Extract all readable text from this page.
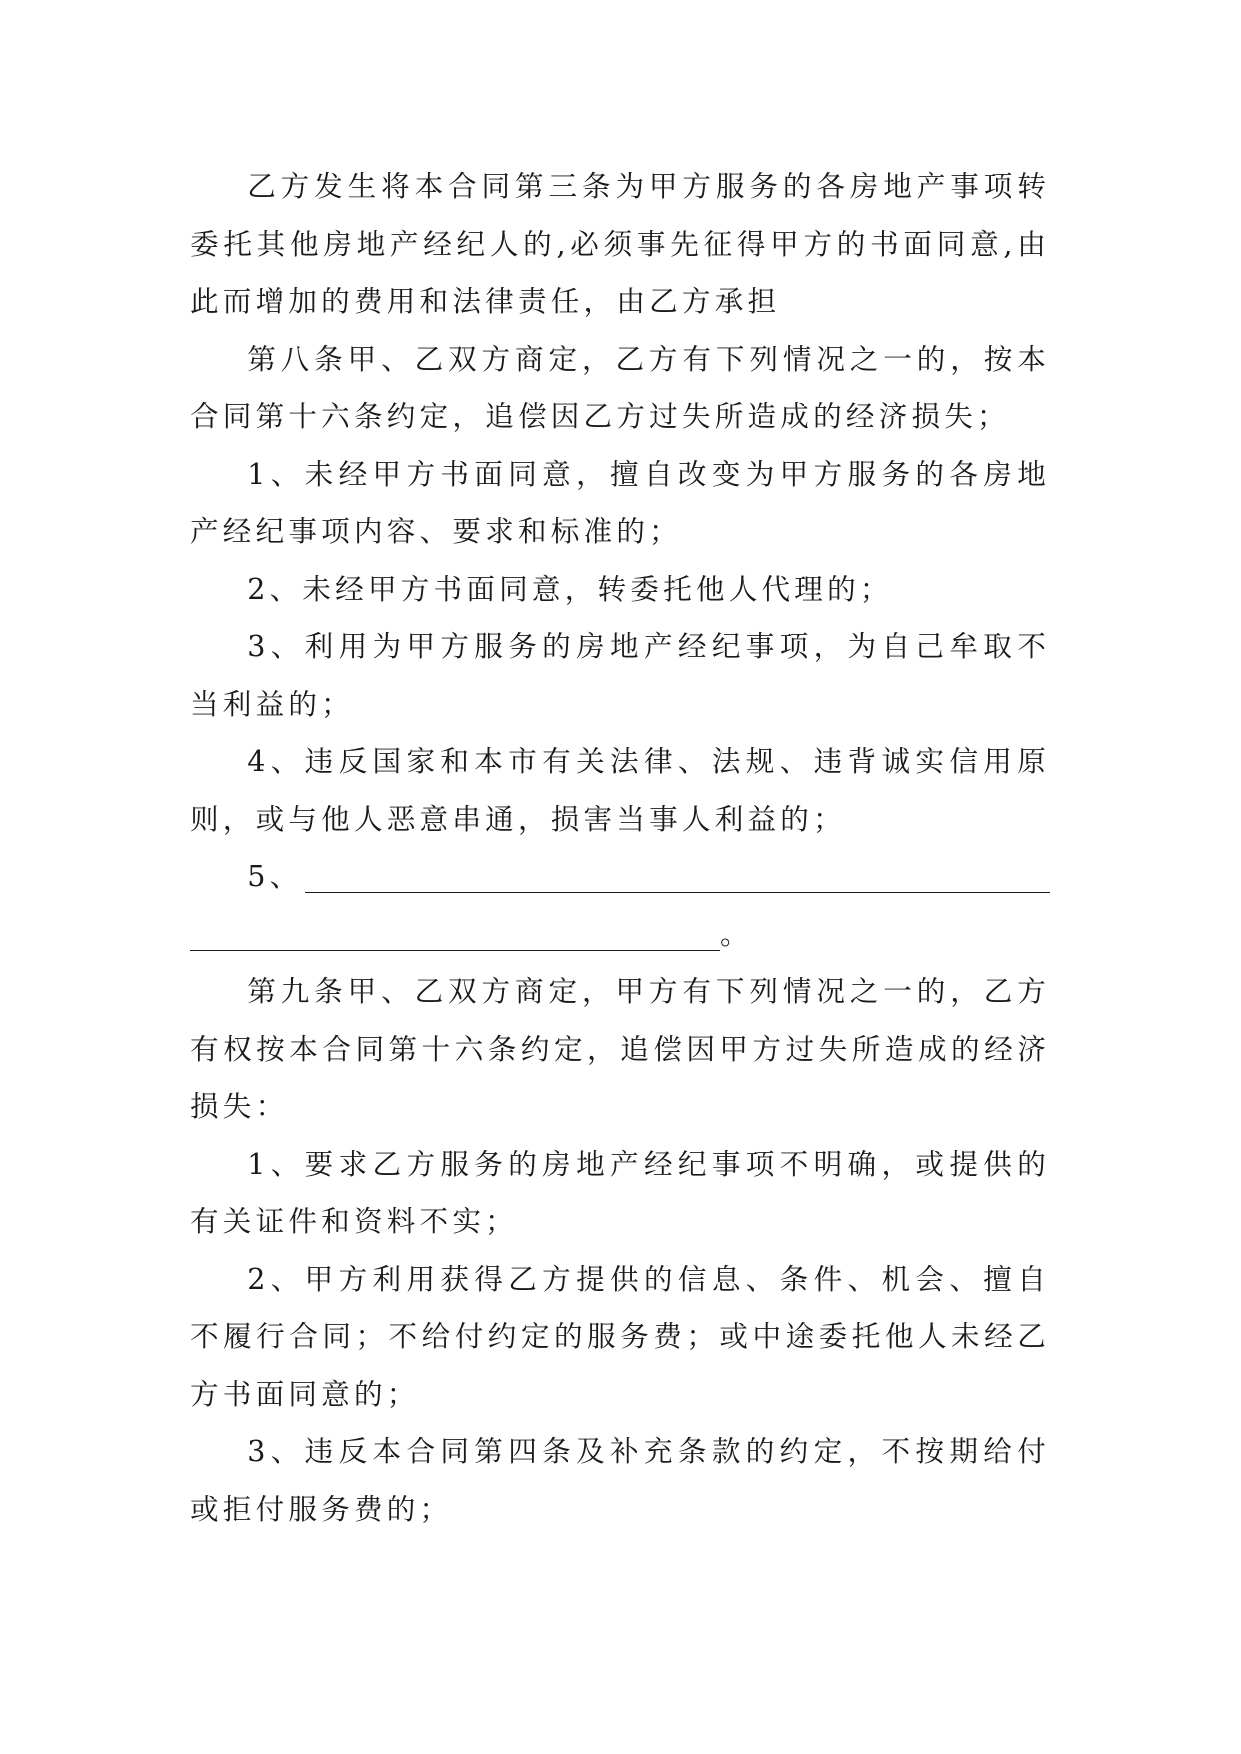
乙方发生将本合同第三条为甲方服务的各房地产事项转委托其他房地产经纪人的,必须事先征得甲方的书面同意,由此而增加的费用和法律责任，由乙方承担

第八条甲、乙双方商定，乙方有下列情况之一的，按本合同第十六条约定，追偿因乙方过失所造成的经济损失；

1、未经甲方书面同意，擅自改变为甲方服务的各房地产经纪事项内容、要求和标准的；

2、未经甲方书面同意，转委托他人代理的；

3、利用为甲方服务的房地产经纪事项，为自己牟取不当利益的；

4、违反国家和本市有关法律、法规、违背诚实信用原则，或与他人恶意串通，损害当事人利益的；

5、
。

第九条甲、乙双方商定，甲方有下列情况之一的，乙方有权按本合同第十六条约定，追偿因甲方过失所造成的经济损失：

1、要求乙方服务的房地产经纪事项不明确，或提供的有关证件和资料不实；

2、甲方利用获得乙方提供的信息、条件、机会、擅自不履行合同；不给付约定的服务费；或中途委托他人未经乙方书面同意的；

3、违反本合同第四条及补充条款的约定，不按期给付或拒付服务费的；
